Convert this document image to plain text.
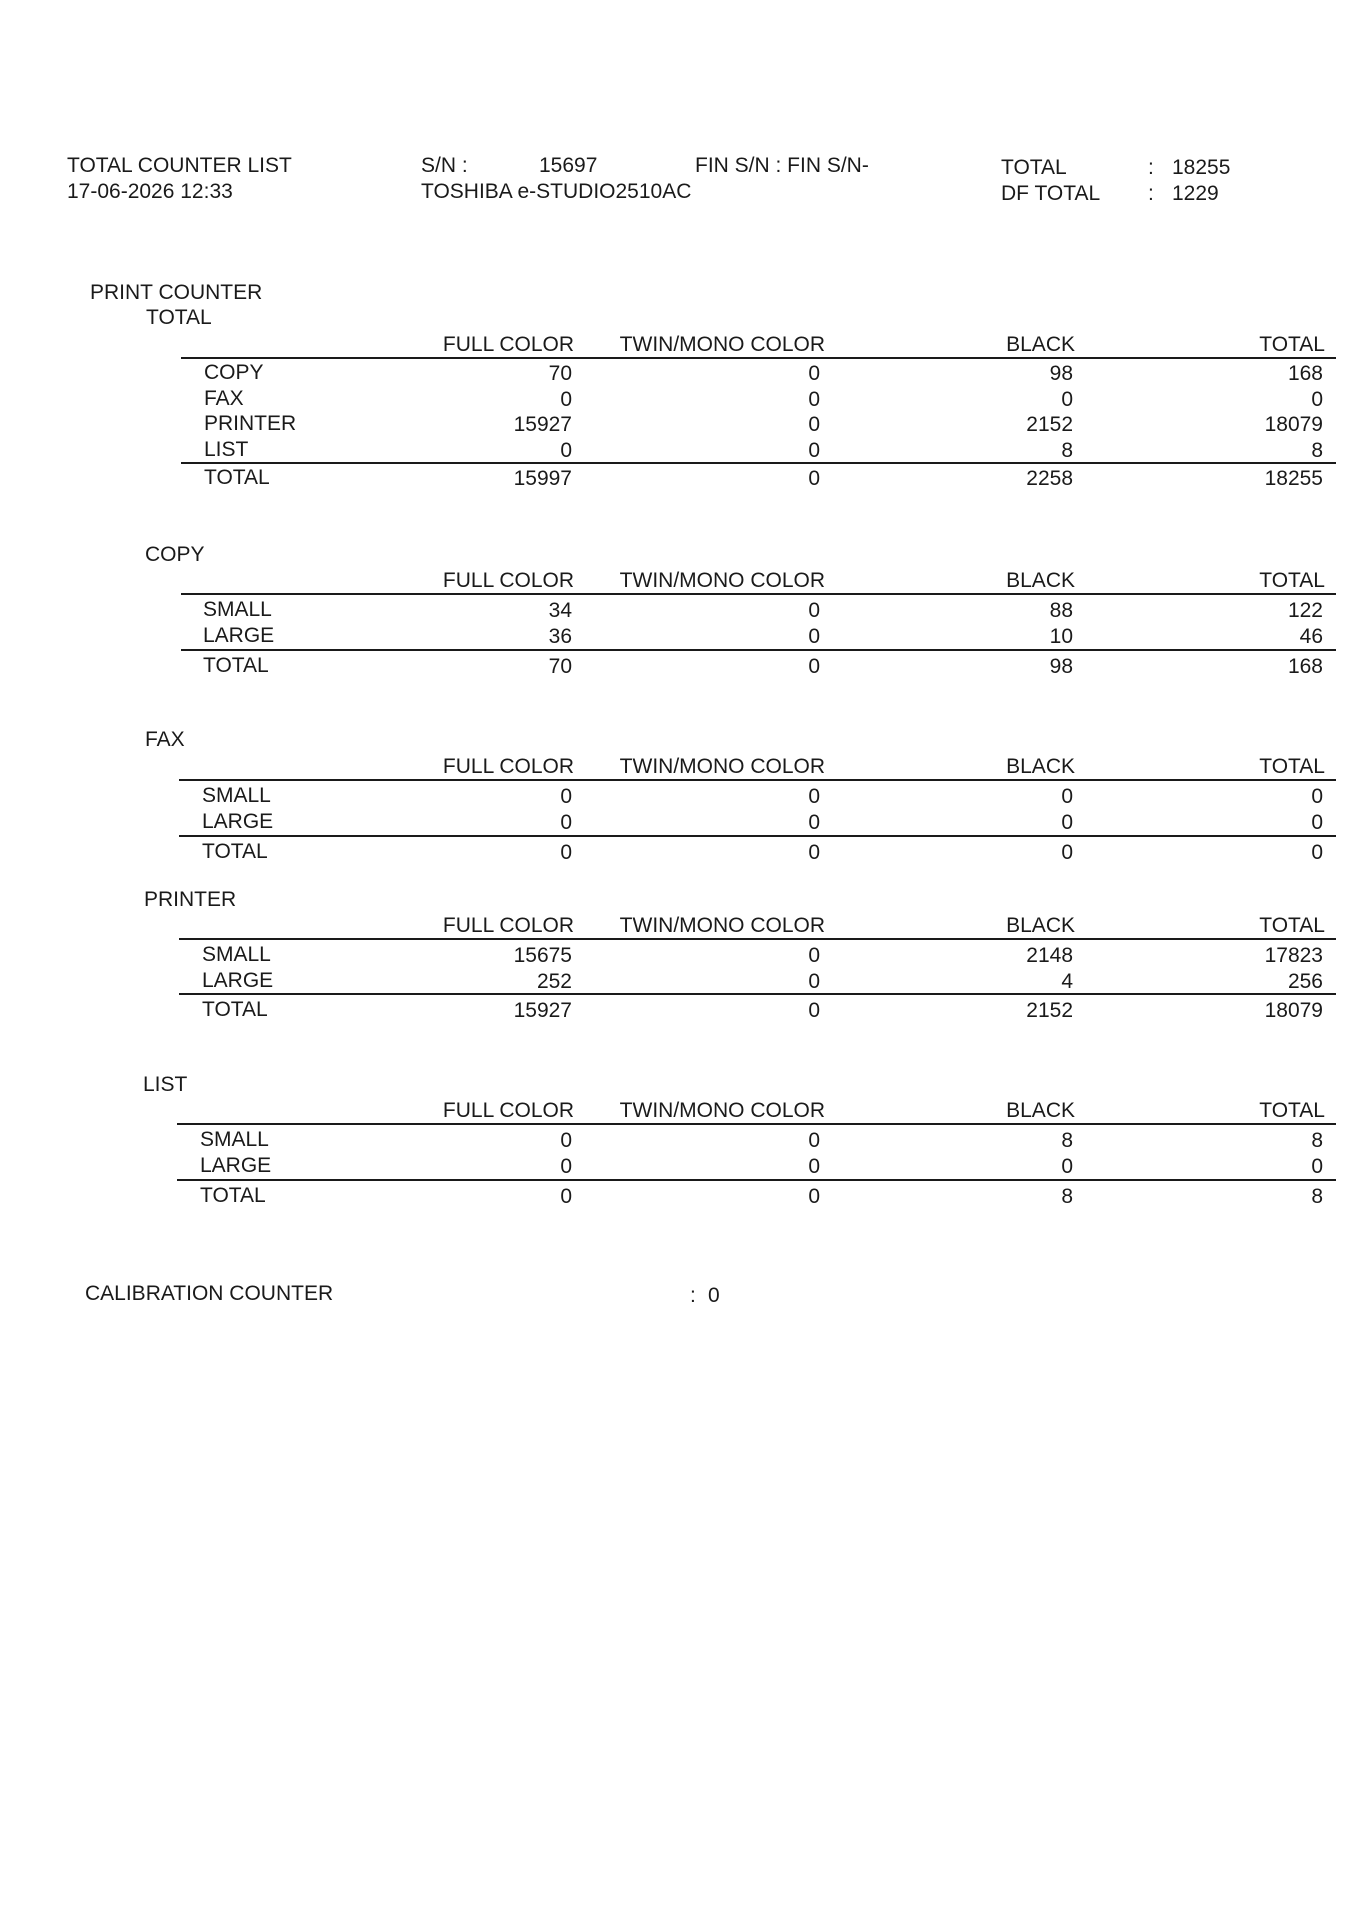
TOTAL COUNTER LIST
17-06-2026 12:33
S/N :	15697	FIN S/N : FIN S/N-
TOSHIBA e-STUDIO2510AC
TOTAL	: 18255
DF TOTAL : 1229
PRINT COUNTER
TOTAL
COPY
FAX
PRINTER
LIST
FULL COLOR TWIN/MONO COLOR	BLACK	TOTAL
COPY	70	0	98	168
FAX	0	0	0	0
PRINTER	15927	0	2152	18079
LIST	0	0	8	8
TOTAL	15997	0	2258	18255
FULL COLOR TWIN/MONO COLOR	BLACK	TOTAL
SMALL	34	0	88	122
LARGE	36	0	10	46
TOTAL	70	0	98	168
FULL COLOR TWIN/MONO COLOR	BLACK	TOTAL
SMALL	0	0	0	0
LARGE	0	0	0	0
TOTAL	0	0	0	0
FULL COLOR TWIN/MONO COLOR	BLACK	TOTAL
SMALL	15675	0	2148	17823
LARGE	252	0	4	256
TOTAL	15927	0	2152	18079
FULL COLOR TWIN/MONO COLOR	BLACK	TOTAL
SMALL	0	0	8	8
LARGE	0	0	0	0
TOTAL	0	0	8	8
CALIBRATION COUNTER	: 0
